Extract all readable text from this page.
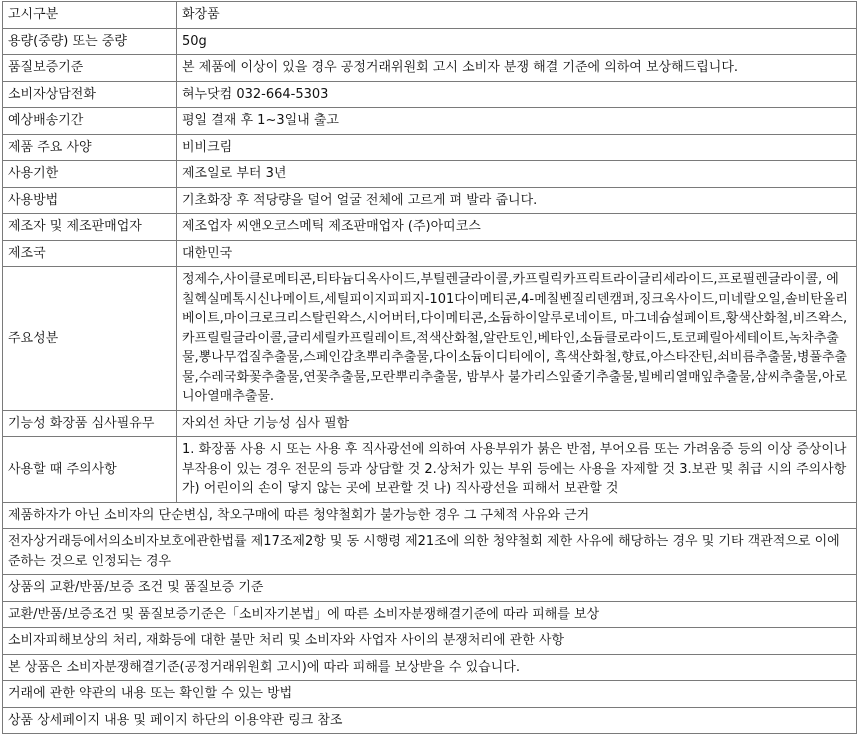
고시구분	화장품
용량(중량) 또는 중량	50g
품질보증기준	본 제품에 이상이 있을 경우 공정거래위원회 고시 소비자 분쟁 해결 기준에 의하여 보상해드립니다.
소비자상담전화	혀누닷컴 032-664-5303
예상배송기간	평일 결재 후 1~3일내 출고
제품 주요 사양	비비크림
사용기한	제조일로 부터 3년
사용방법	기초화장 후 적당량을 덜어 얼굴 전체에 고르게 펴 발라 줍니다.
제조자 및 제조판매업자	제조업자 씨앤오코스메틱 제조판매업자 (주)아띠코스
제조국	대한민국
주요성분	정제수,사이클로메티콘,티타늄디옥사이드,부틸렌글라이콜,카프릴릭카프릭트라이글리세라이드,프로필렌글라이콜, 에칠헥실메톡시신나메이트,세틸피이지피피지-101다이메티콘,4-메칠벤질리덴캠퍼,징크옥사이드,미네랄오일,솔비탄올리베이트,마이크로크리스탈린왁스,시어버터,다이메티콘,소듐하이알루로네이트, 마그네슘설페이트,황색산화철,비즈왁스,카프릴릴글라이콜,글리세릴카프릴레이트,적색산화철,알란토인,베타인,소듐클로라이드,토코페릴아세테이트,녹차추출물,뽕나무껍질추출물,스페인감초뿌리추출물,다이소듐이디티에이, 흑색산화철,향료,아스타잔틴,쇠비름추출물,병풀추출물,수레국화꽃추출물,연꽃추출물,모란뿌리추출물, 밤부사 불가리스잎줄기추출물,빌베리열매잎추출물,삼씨추출물,아로니아열매추출물.
기능성 화장품 심사필유무	자외선 차단 기능성 심사 필함
사용할 때 주의사항	1. 화장품 사용 시 또는 사용 후 직사광선에 의하여 사용부위가 붉은 반점, 부어오름 또는 가려움증 등의 이상 증상이나 부작용이 있는 경우 전문의 등과 상담할 것 2.상처가 있는 부위 등에는 사용을 자제할 것 3.보관 및 취급 시의 주의사항 가) 어린이의 손이 닿지 않는 곳에 보관할 것 나) 직사광선을 피해서 보관할 것
제품하자가 아닌 소비자의 단순변심, 착오구매에 따른 청약철회가 불가능한 경우 그 구체적 사유와 근거	
전자상거래등에서의소비자보호에관한법률 제17조제2항 및 동 시행령 제21조에 의한 청약철회 제한 사유에 해당하는 경우 및 기타 객관적으로 이에 준하는 것으로 인정되는 경우	
상품의 교환/반품/보증 조건 및 품질보증 기준	
교환/반품/보증조건 및 품질보증기준은「소비자기본법」에 따른 소비자분쟁해결기준에 따라 피해를 보상	
소비자피해보상의 처리, 재화등에 대한 불만 처리 및 소비자와 사업자 사이의 분쟁처리에 관한 사항	
본 상품은 소비자분쟁해결기준(공정거래위원회 고시)에 따라 피해를 보상받을 수 있습니다.	
거래에 관한 약관의 내용 또는 확인할 수 있는 방법	
상품 상세페이지 내용 및 페이지 하단의 이용약관 링크 참조	
